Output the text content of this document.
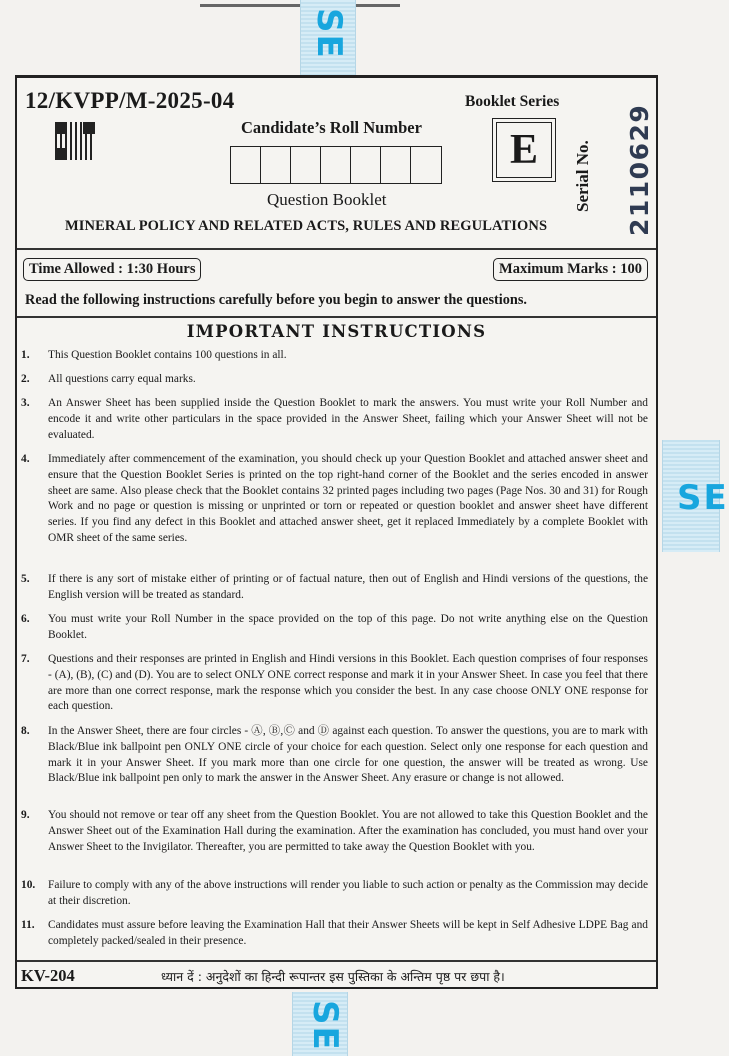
SE
SE
SE
12/KVPP/M-2025-04
Candidate’s Roll Number
Question Booklet
Booklet Series
E	Serial No. 2110629
MINERAL POLICY AND RELATED ACTS, RULES AND REGULATIONS
Time Allowed : 1:30 Hours	Maximum Marks : 100
Read the following instructions carefully before you begin to answer the questions.
IMPORTANT INSTRUCTIONS
1. This Question Booklet contains 100 questions in all.
2. All questions carry equal marks.
3. An Answer Sheet has been supplied inside the Question Booklet to mark the answers. You must write your Roll Number and encode it and write other particulars in the space provided in the Answer Sheet, failing which your Answer Sheet will not be evaluated.
4. Immediately after commencement of the examination, you should check up your Question Booklet and attached answer sheet and ensure that the Question Booklet Series is printed on the top right-hand corner of the Booklet and the series encoded in answer sheet are same. Also please check that the Booklet contains 32 printed pages including two pages (Page Nos. 30 and 31) for Rough Work and no page or question is missing or unprinted or torn or repeated or question booklet and answer sheet have different series. If you find any defect in this Booklet and attached answer sheet, get it replaced Immediately by a complete Booklet with OMR sheet of the same series.
5. If there is any sort of mistake either of printing or of factual nature, then out of English and Hindi versions of the questions, the English version will be treated as standard.
6. You must write your Roll Number in the space provided on the top of this page. Do not write anything else on the Question Booklet.
7. Questions and their responses are printed in English and Hindi versions in this Booklet. Each question comprises of four responses - (A), (B), (C) and (D). You are to select ONLY ONE correct response and mark it in your Answer Sheet. In case you feel that there are more than one correct response, mark the response which you consider the best. In any case choose ONLY ONE response for each question.
8. In the Answer Sheet, there are four circles - Ⓐ, Ⓑ,Ⓒ and Ⓓ against each question. To answer the questions, you are to mark with Black/Blue ink ballpoint pen ONLY ONE circle of your choice for each question. Select only one response for each question and mark it in your Answer Sheet. If you mark more than one circle for one question, the answer will be treated as wrong. Use Black/Blue ink ballpoint pen only to mark the answer in the Answer Sheet. Any erasure or change is not allowed.
9. You should not remove or tear off any sheet from the Question Booklet. You are not allowed to take this Question Booklet and the Answer Sheet out of the Examination Hall during the examination. After the examination has concluded, you must hand over your Answer Sheet to the Invigilator. Thereafter, you are permitted to take away the Question Booklet with you.
10. Failure to comply with any of the above instructions will render you liable to such action or penalty as the Commission may decide at their discretion.
11. Candidates must assure before leaving the Examination Hall that their Answer Sheets will be kept in Self Adhesive LDPE Bag and completely packed/sealed in their presence.
KV-204	ध्यान दें : अनुदेशों का हिन्दी रूपान्तर इस पुस्तिका के अन्तिम पृष्ठ पर छपा है।
